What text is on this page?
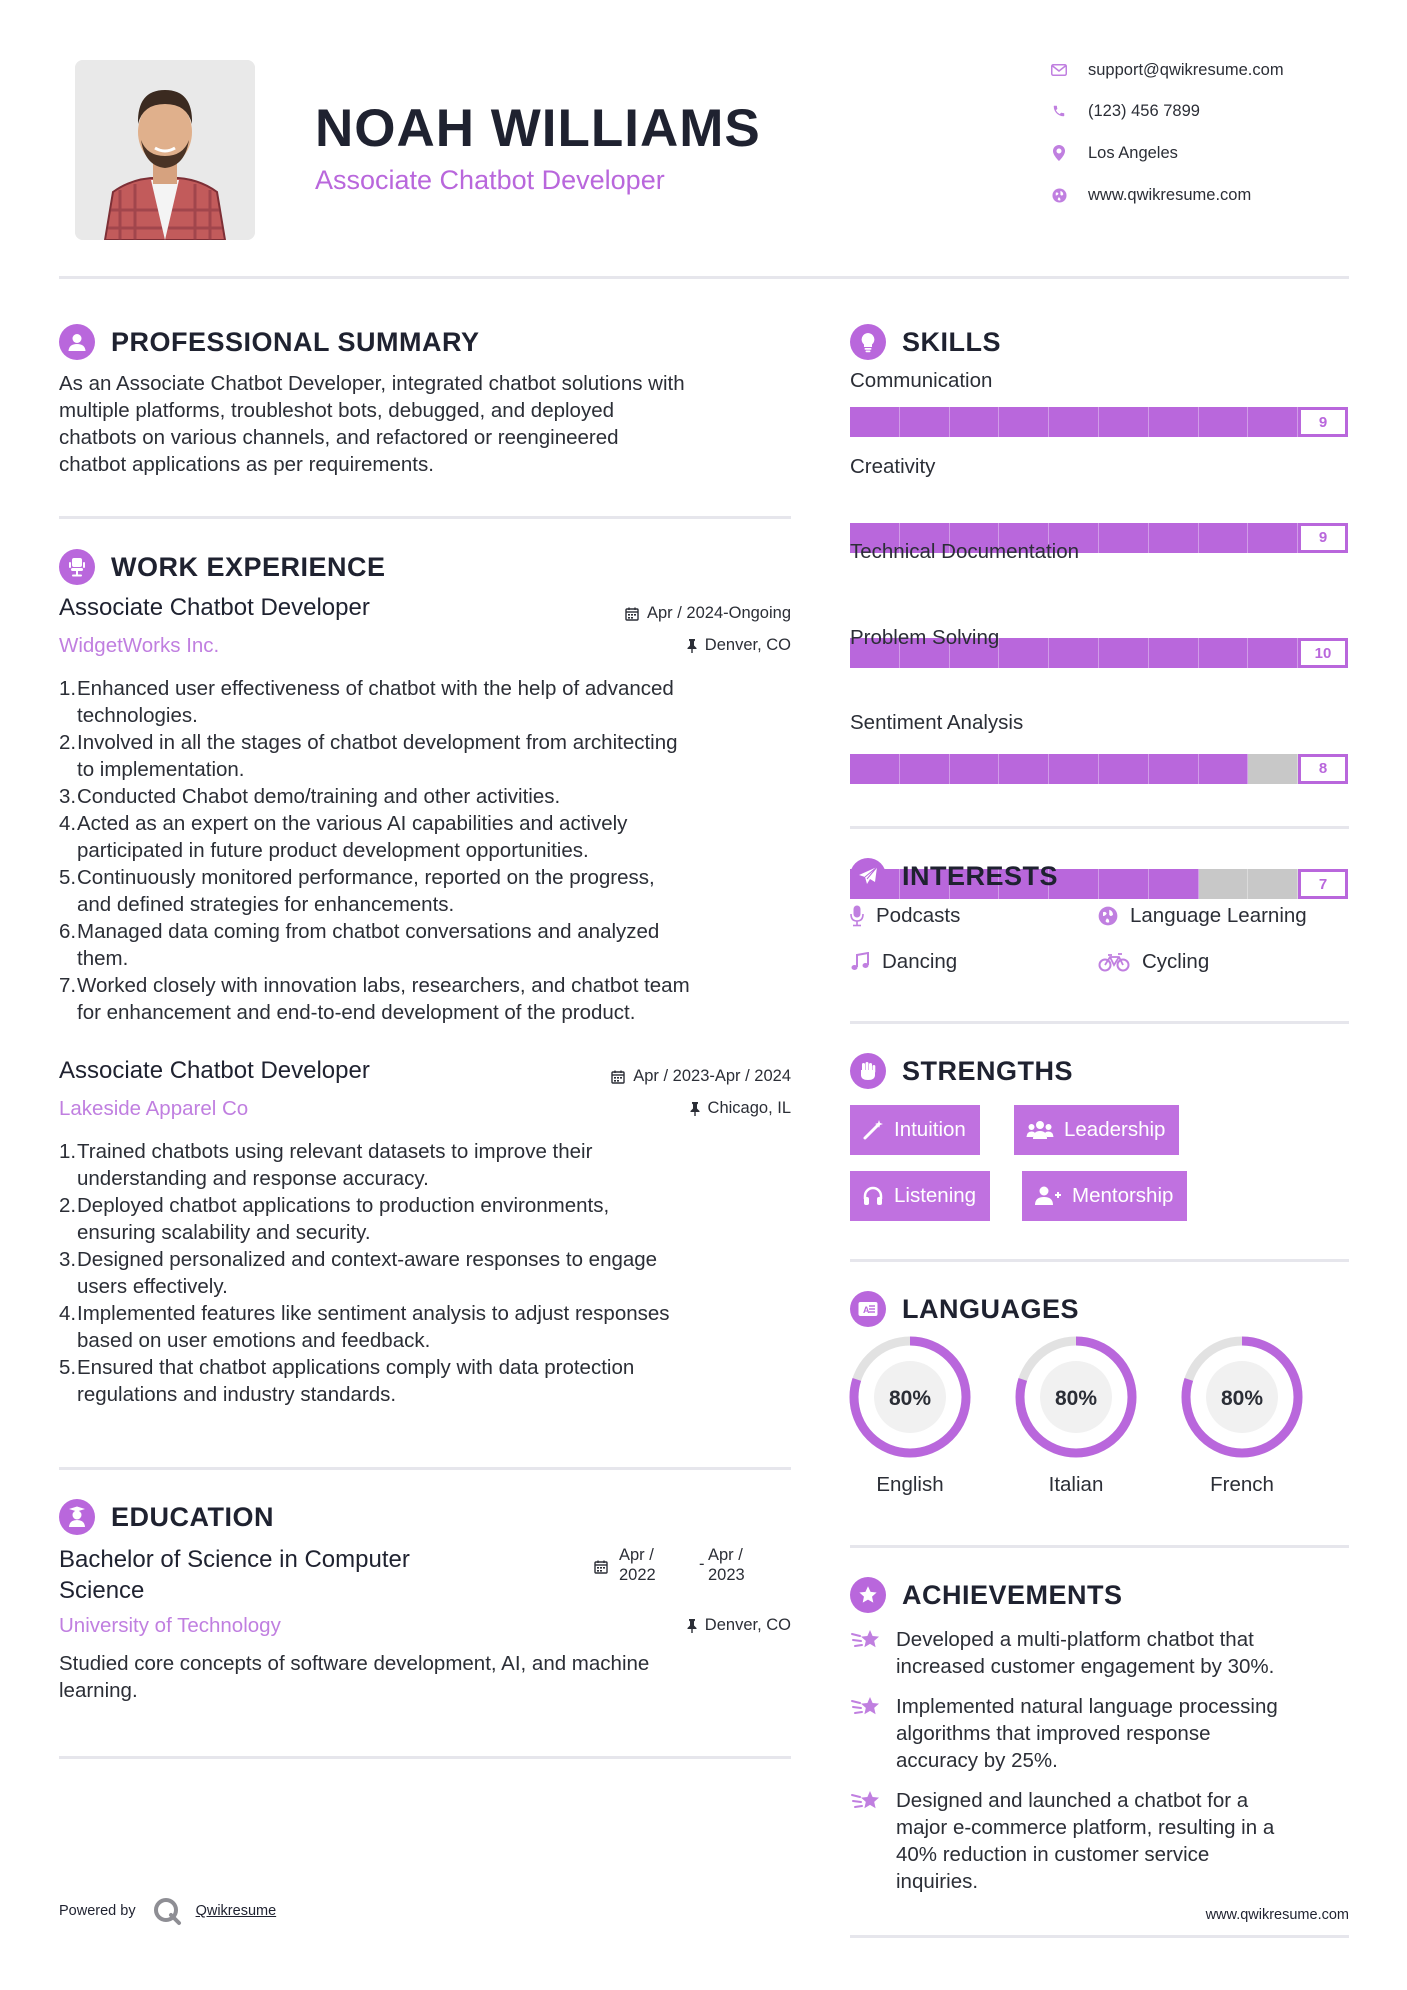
NOAH WILLIAMS
Associate Chatbot Developer
support@qwikresume.com
(123) 456 7899
Los Angeles
www.qwikresume.com
PROFESSIONAL SUMMARY
As an Associate Chatbot Developer, integrated chatbot solutions with
multiple platforms, troubleshot bots, debugged, and deployed
chatbots on various channels, and refactored or reengineered
chatbot applications as per requirements.
WORK EXPERIENCE
Associate Chatbot Developer
WidgetWorks Inc.
Apr / 2024-Ongoing
Denver, CO
1. Enhanced user effectiveness of chatbot with the help of advanced
technologies.
2. Involved in all the stages of chatbot development from architecting
to implementation.
3. Conducted Chabot demo/training and other activities.
4. Acted as an expert on the various AI capabilities and actively
participated in future product development opportunities.
5. Continuously monitored performance, reported on the progress,
and defined strategies for enhancements.
6. Managed data coming from chatbot conversations and analyzed
them.
7. Worked closely with innovation labs, researchers, and chatbot team
for enhancement and end-to-end development of the product.
Associate Chatbot Developer
Lakeside Apparel Co
Apr / 2023-Apr / 2024
Chicago, IL
1. Trained chatbots using relevant datasets to improve their
understanding and response accuracy.
2. Deployed chatbot applications to production environments,
ensuring scalability and security.
3. Designed personalized and context-aware responses to engage
users effectively.
4. Implemented features like sentiment analysis to adjust responses
based on user emotions and feedback.
5. Ensured that chatbot applications comply with data protection
regulations and industry standards.
EDUCATION
Bachelor of Science in Computer
Science
Apr /
2022
- Apr /
2023
University of Technology	Denver, CO
Studied core concepts of software development, AI, and machine
learning.
Powered by	Qwikresume
SKILLS
Communication
9
Creativity
9
Technical Documentation
10
Problem Solving
8
Sentiment Analysis
7
INTERESTS
Podcasts	Language Learning
Dancing	Cycling
STRENGTHS
Intuition	Leadership
Listening	Mentorship
A LANGUAGES
80%
English
80%
Italian
80%
French
ACHIEVEMENTS
Developed a multi-platform chatbot that
increased customer engagement by 30%.
Implemented natural language processing
algorithms that improved response
accuracy by 25%.
Designed and launched a chatbot for a
major e-commerce platform, resulting in a
40% reduction in customer service
inquiries.
www.qwikresume.com
